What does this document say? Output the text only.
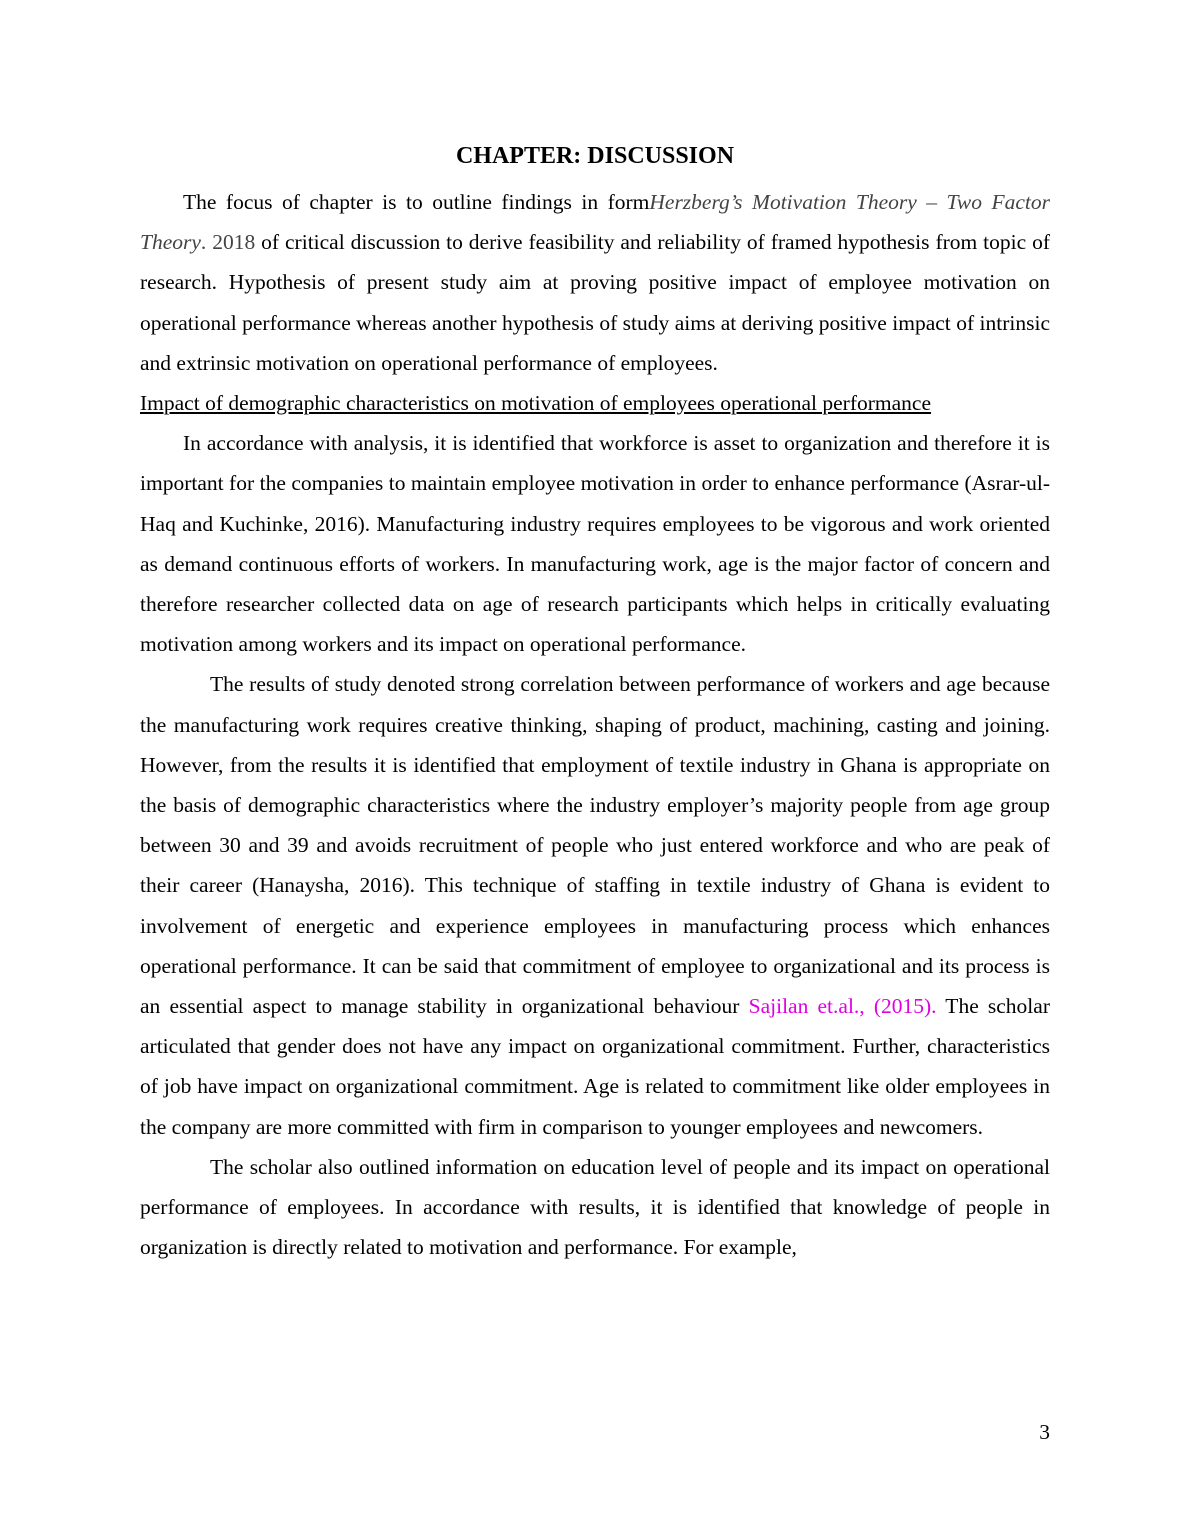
CHAPTER: DISCUSSION

The focus of chapter is to outline findings in formHerzberg’s Motivation Theory – Two Factor Theory. 2018 of critical discussion to derive feasibility and reliability of framed hypothesis from topic of research. Hypothesis of present study aim at proving positive impact of employee motivation on operational performance whereas another hypothesis of study aims at deriving positive impact of intrinsic and extrinsic motivation on operational performance of employees.

Impact of demographic characteristics on motivation of employees operational performance

In accordance with analysis, it is identified that workforce is asset to organization and therefore it is important for the companies to maintain employee motivation in order to enhance performance (Asrar-ul-Haq and Kuchinke, 2016). Manufacturing industry requires employees to be vigorous and work oriented as demand continuous efforts of workers. In manufacturing work, age is the major factor of concern and therefore researcher collected data on age of research participants which helps in critically evaluating motivation among workers and its impact on operational performance.

The results of study denoted strong correlation between performance of workers and age because the manufacturing work requires creative thinking, shaping of product, machining, casting and joining. However, from the results it is identified that employment of textile industry in Ghana is appropriate on the basis of demographic characteristics where the industry employer’s majority people from age group between 30 and 39 and avoids recruitment of people who just entered workforce and who are peak of their career (Hanaysha, 2016). This technique of staffing in textile industry of Ghana is evident to involvement of energetic and experience employees in manufacturing process which enhances operational performance. It can be said that commitment of employee to organizational and its process is an essential aspect to manage stability in organizational behaviour Sajilan et.al., (2015). The scholar articulated that gender does not have any impact on organizational commitment. Further, characteristics of job have impact on organizational commitment. Age is related to commitment like older employees in the company are more committed with firm in comparison to younger employees and newcomers.

The scholar also outlined information on education level of people and its impact on operational performance of employees. In accordance with results, it is identified that knowledge of people in organization is directly related to motivation and performance. For example,

3
